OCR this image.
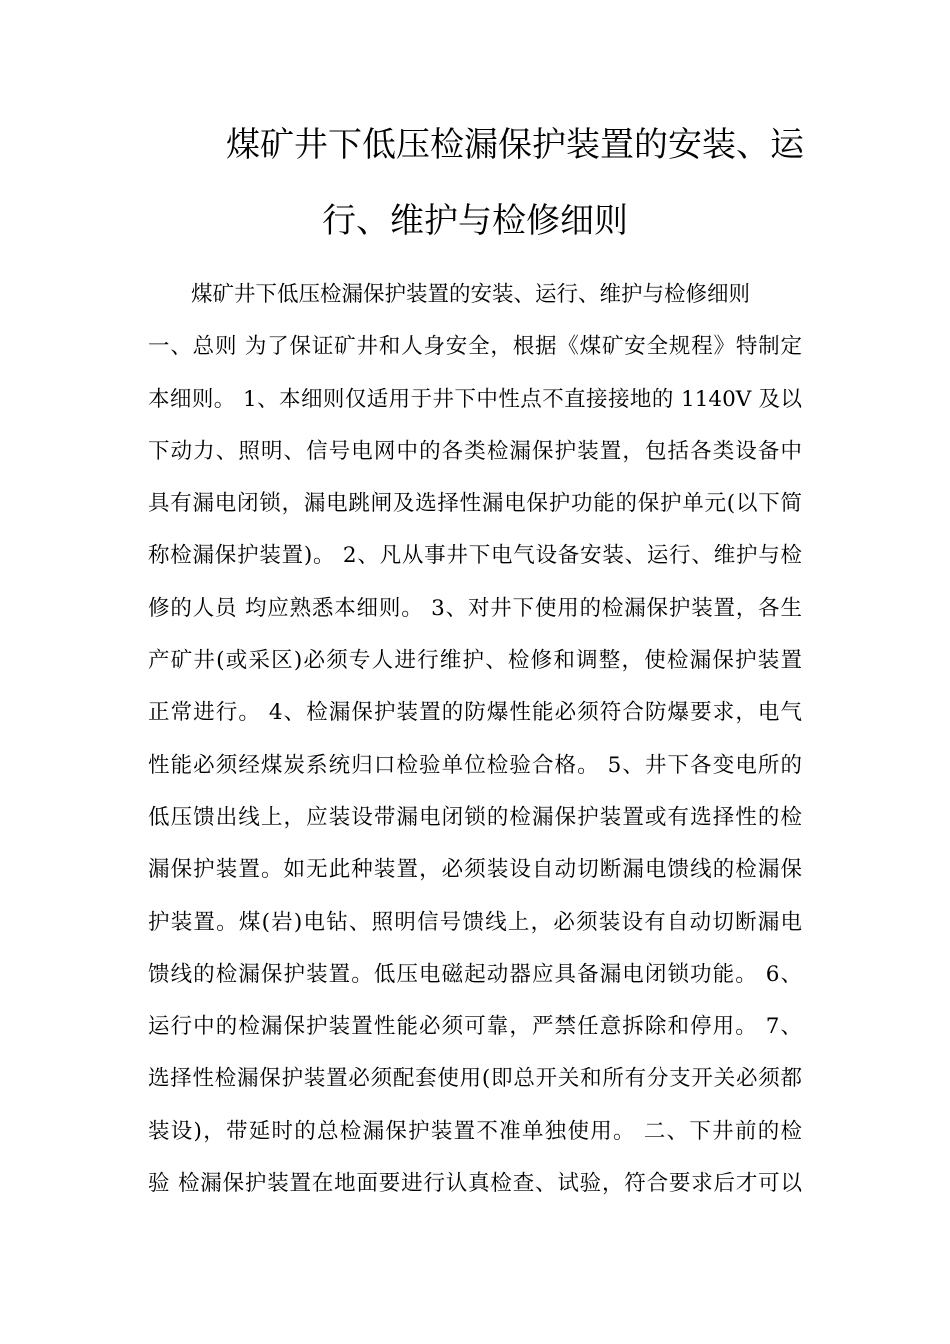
煤矿井下低压检漏保护装置的安装、运
行、维护与检修细则
煤矿井下低压检漏保护装置的安装、运行、维护与检修细则
一、总则 为了保证矿井和人身安全，根据《煤矿安全规程》特制定
本细则。 1、本细则仅适用于井下中性点不直接接地的 1140V 及以
下动力、照明、信号电网中的各类检漏保护装置，包括各类设备中
具有漏电闭锁，漏电跳闸及选择性漏电保护功能的保护单元(以下简
称检漏保护装置)。 2、凡从事井下电气设备安装、运行、维护与检
修的人员 均应熟悉本细则。 3、对井下使用的检漏保护装置，各生
产矿井(或采区)必须专人进行维护、检修和调整，使检漏保护装置
正常进行。 4、检漏保护装置的防爆性能必须符合防爆要求，电气
性能必须经煤炭系统归口检验单位检验合格。 5、井下各变电所的
低压馈出线上，应装设带漏电闭锁的检漏保护装置或有选择性的检
漏保护装置。如无此种装置，必须装设自动切断漏电馈线的检漏保
护装置。煤(岩)电钻、照明信号馈线上，必须装设有自动切断漏电
馈线的检漏保护装置。低压电磁起动器应具备漏电闭锁功能。 6、
运行中的检漏保护装置性能必须可靠，严禁任意拆除和停用。 7、
选择性检漏保护装置必须配套使用(即总开关和所有分支开关必须都
装设)，带延时的总检漏保护装置不准单独使用。 二、下井前的检
验 检漏保护装置在地面要进行认真检查、试验，符合要求后才可以
